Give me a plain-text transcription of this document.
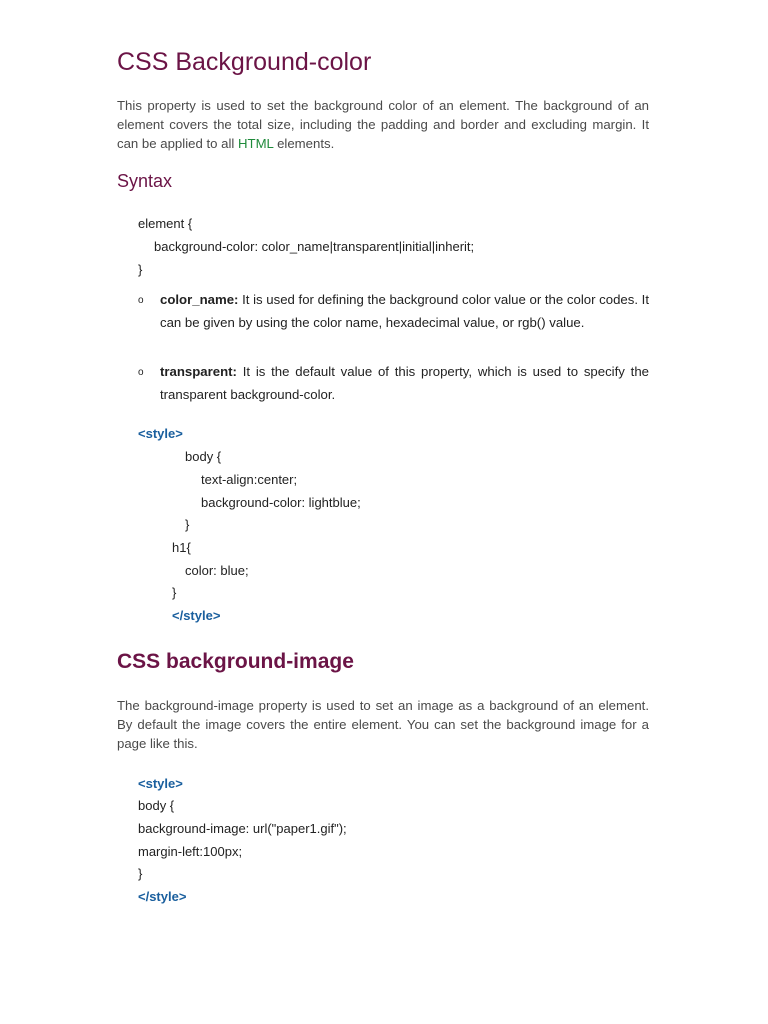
CSS Background-color
This property is used to set the background color of an element. The background of an element covers the total size, including the padding and border and excluding margin. It can be applied to all HTML elements.
Syntax
element {
background-color: color_name|transparent|initial|inherit;
}
o color_name: It is used for defining the background color value or the color codes. It can be given by using the color name, hexadecimal value, or rgb() value.
o transparent: It is the default value of this property, which is used to specify the transparent background-color.
<style>
body {
text-align:center;
background-color: lightblue;
}
h1{
color: blue;
}
</style>
CSS background-image
The background-image property is used to set an image as a background of an element. By default the image covers the entire element. You can set the background image for a page like this.
<style>
body {
background-image: url("paper1.gif");
margin-left:100px;
}
</style>
